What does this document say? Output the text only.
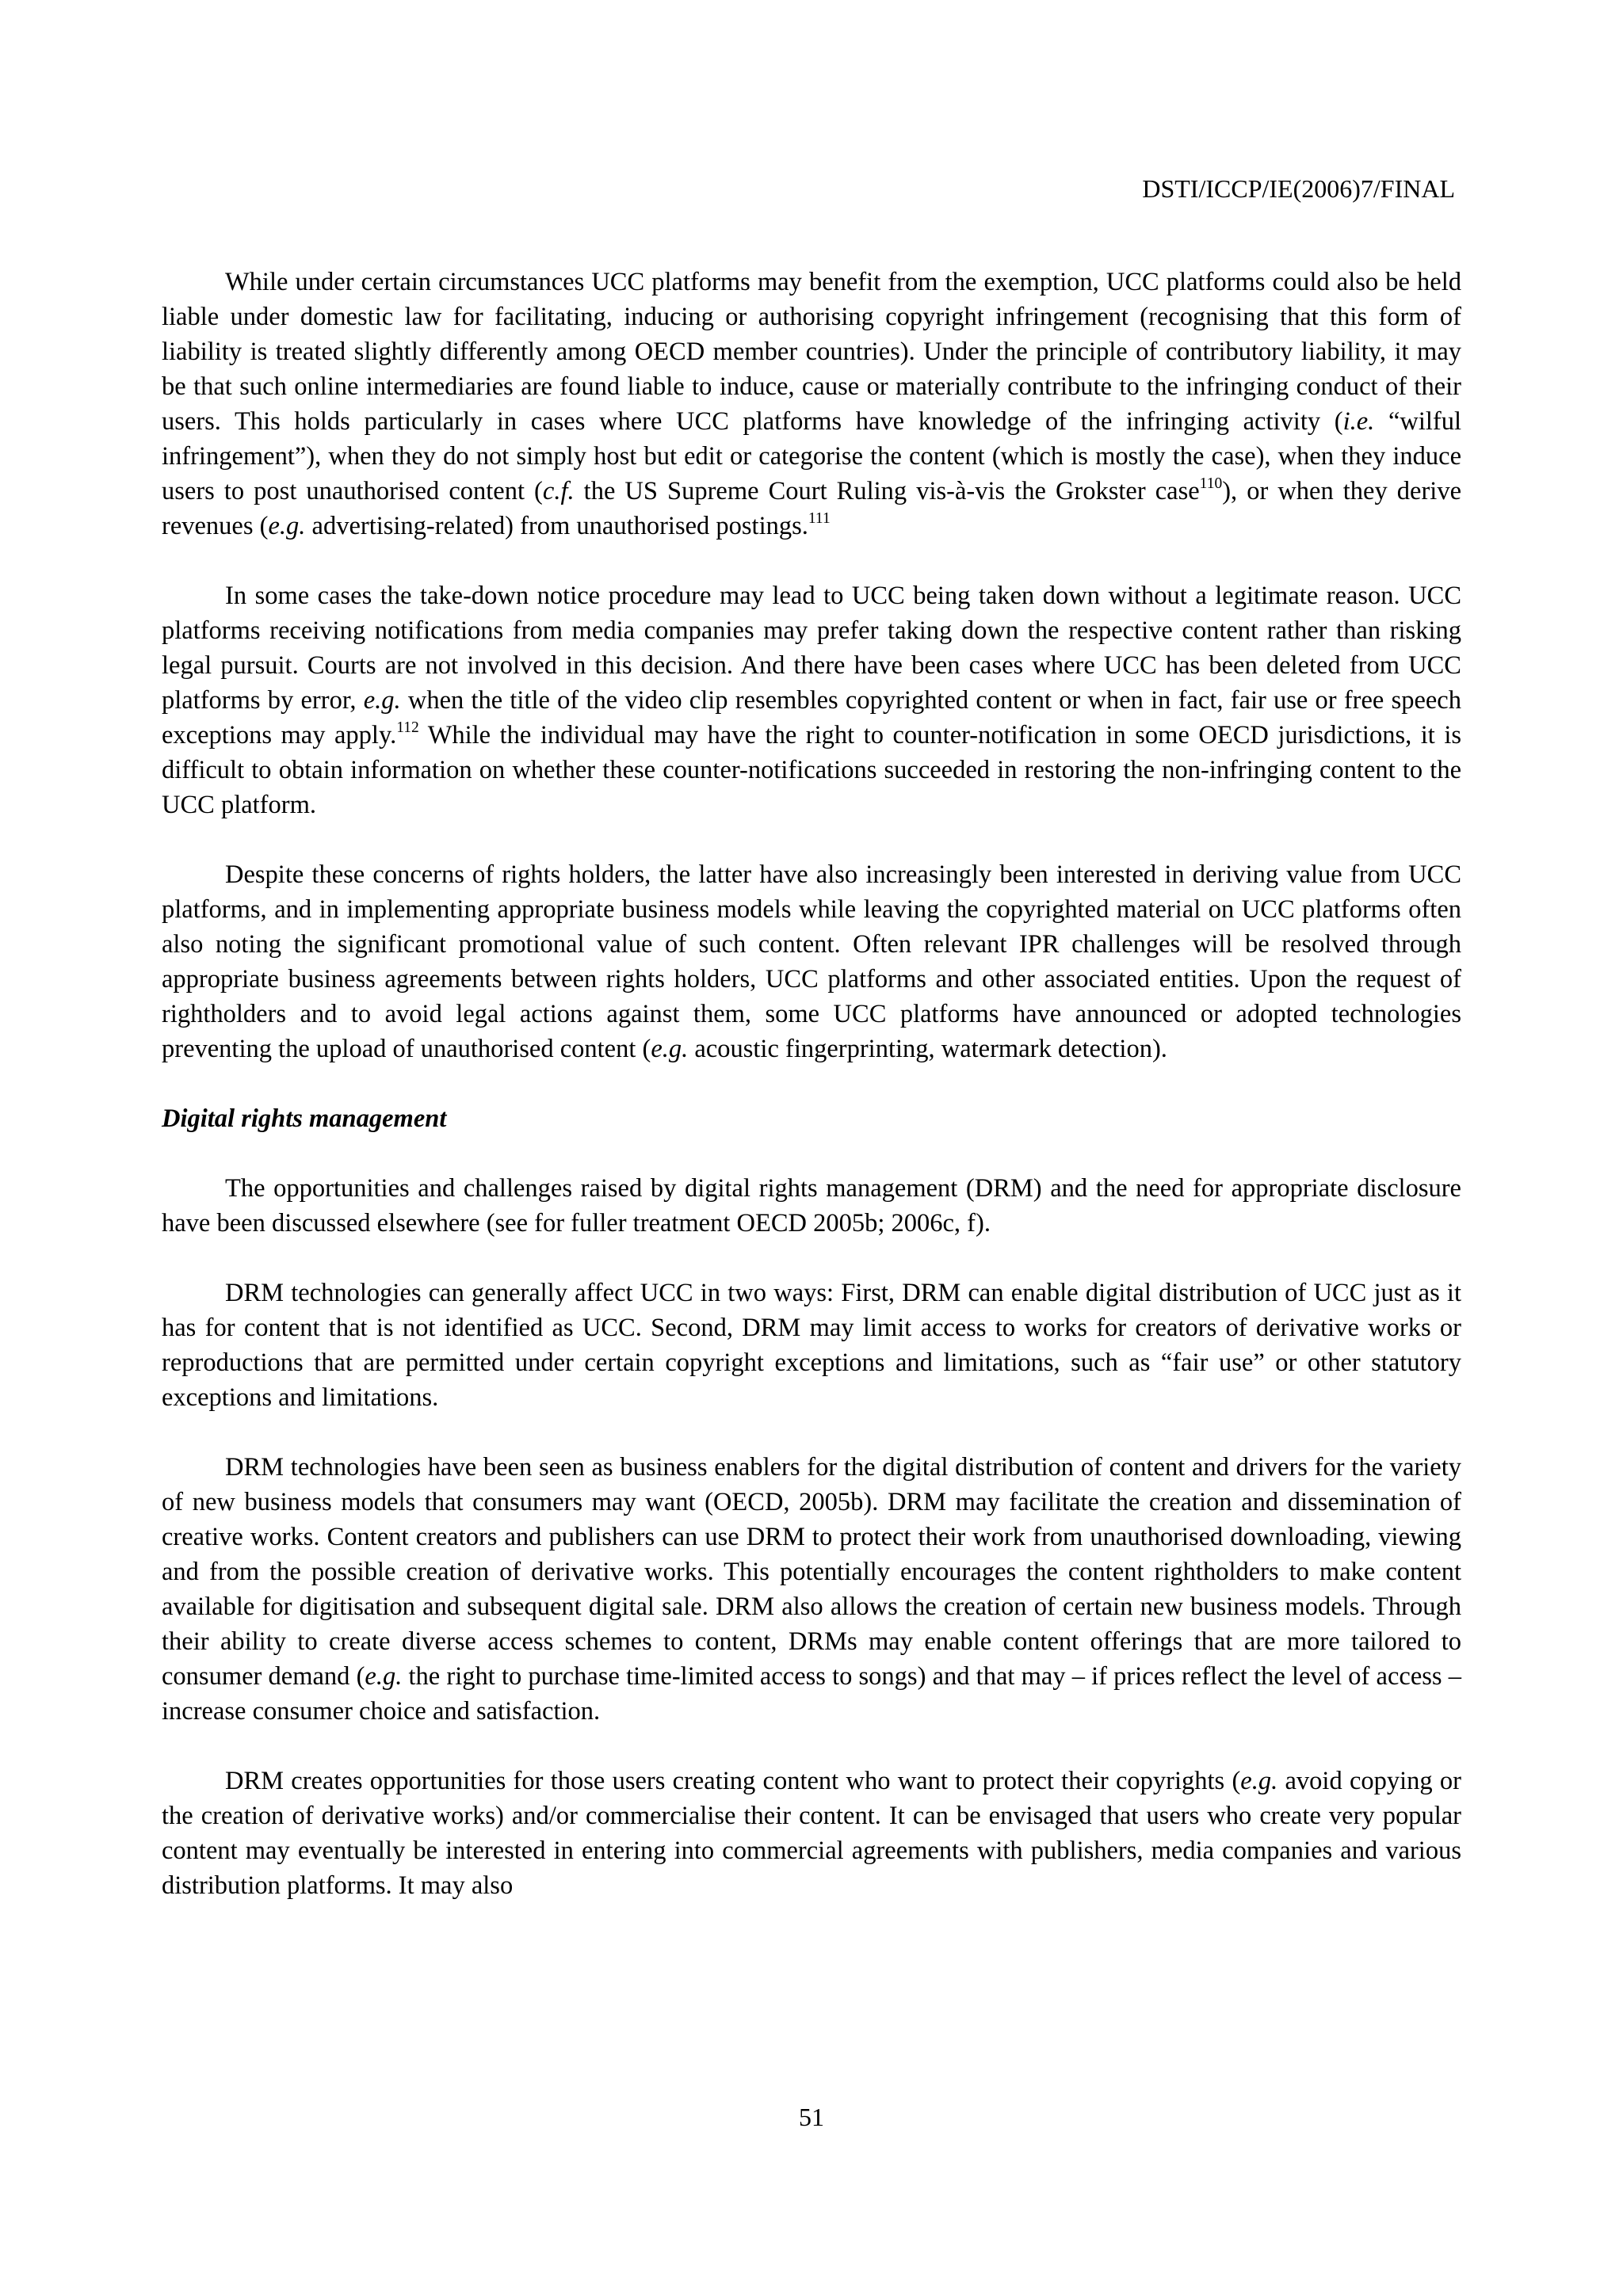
DSTI/ICCP/IE(2006)7/FINAL

While under certain circumstances UCC platforms may benefit from the exemption, UCC platforms could also be held liable under domestic law for facilitating, inducing or authorising copyright infringement (recognising that this form of liability is treated slightly differently among OECD member countries). Under the principle of contributory liability, it may be that such online intermediaries are found liable to induce, cause or materially contribute to the infringing conduct of their users. This holds particularly in cases where UCC platforms have knowledge of the infringing activity (i.e. “wilful infringement”), when they do not simply host but edit or categorise the content (which is mostly the case), when they induce users to post unauthorised content (c.f. the US Supreme Court Ruling vis-à-vis the Grokster case$^{110}$), or when they derive revenues (e.g. advertising-related) from unauthorised postings.$^{111}$

In some cases the take-down notice procedure may lead to UCC being taken down without a legitimate reason. UCC platforms receiving notifications from media companies may prefer taking down the respective content rather than risking legal pursuit. Courts are not involved in this decision. And there have been cases where UCC has been deleted from UCC platforms by error, e.g. when the title of the video clip resembles copyrighted content or when in fact, fair use or free speech exceptions may apply.$^{112}$ While the individual may have the right to counter-notification in some OECD jurisdictions, it is difficult to obtain information on whether these counter-notifications succeeded in restoring the non-infringing content to the UCC platform.

Despite these concerns of rights holders, the latter have also increasingly been interested in deriving value from UCC platforms, and in implementing appropriate business models while leaving the copyrighted material on UCC platforms often also noting the significant promotional value of such content. Often relevant IPR challenges will be resolved through appropriate business agreements between rights holders, UCC platforms and other associated entities. Upon the request of rightholders and to avoid legal actions against them, some UCC platforms have announced or adopted technologies preventing the upload of unauthorised content (e.g. acoustic fingerprinting, watermark detection).

Digital rights management

The opportunities and challenges raised by digital rights management (DRM) and the need for appropriate disclosure have been discussed elsewhere (see for fuller treatment OECD 2005b; 2006c, f).

DRM technologies can generally affect UCC in two ways: First, DRM can enable digital distribution of UCC just as it has for content that is not identified as UCC. Second, DRM may limit access to works for creators of derivative works or reproductions that are permitted under certain copyright exceptions and limitations, such as “fair use” or other statutory exceptions and limitations.

DRM technologies have been seen as business enablers for the digital distribution of content and drivers for the variety of new business models that consumers may want (OECD, 2005b). DRM may facilitate the creation and dissemination of creative works. Content creators and publishers can use DRM to protect their work from unauthorised downloading, viewing and from the possible creation of derivative works. This potentially encourages the content rightholders to make content available for digitisation and subsequent digital sale. DRM also allows the creation of certain new business models. Through their ability to create diverse access schemes to content, DRMs may enable content offerings that are more tailored to consumer demand (e.g. the right to purchase time-limited access to songs) and that may – if prices reflect the level of access – increase consumer choice and satisfaction.

DRM creates opportunities for those users creating content who want to protect their copyrights (e.g. avoid copying or the creation of derivative works) and/or commercialise their content. It can be envisaged that users who create very popular content may eventually be interested in entering into commercial agreements with publishers, media companies and various distribution platforms. It may also

51
